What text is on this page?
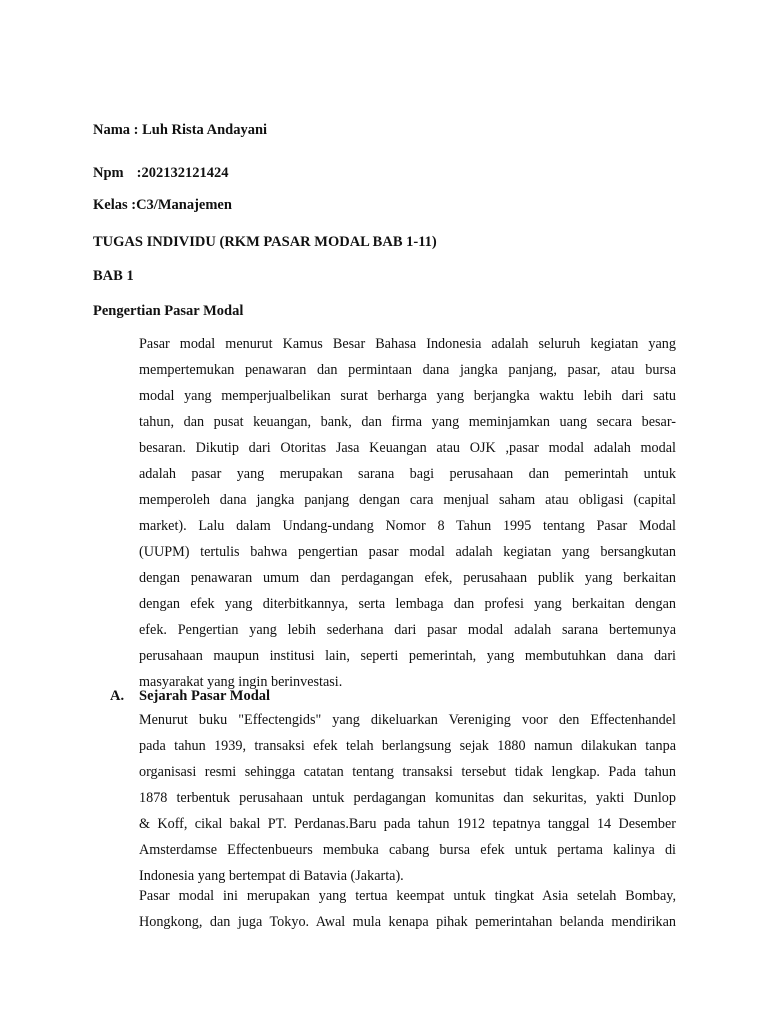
Nama : Luh Rista Andayani

Npm :202132121424

Kelas :C3/Manajemen

TUGAS INDIVIDU (RKM PASAR MODAL BAB 1-11)

BAB 1

Pengertian Pasar Modal

Pasar modal menurut Kamus Besar Bahasa Indonesia adalah seluruh kegiatan yang
mempertemukan penawaran dan permintaan dana jangka panjang, pasar, atau bursa
modal yang memperjualbelikan surat berharga yang berjangka waktu lebih dari satu
tahun, dan pusat keuangan, bank, dan firma yang meminjamkan uang secara besar-
besaran. Dikutip dari Otoritas Jasa Keuangan atau OJK ,pasar modal adalah modal
adalah pasar yang merupakan sarana bagi perusahaan dan pemerintah untuk
memperoleh dana jangka panjang dengan cara menjual saham atau obligasi (capital
market). Lalu dalam Undang-undang Nomor 8 Tahun 1995 tentang Pasar Modal
(UUPM) tertulis bahwa pengertian pasar modal adalah kegiatan yang bersangkutan
dengan penawaran umum dan perdagangan efek, perusahaan publik yang berkaitan
dengan efek yang diterbitkannya, serta lembaga dan profesi yang berkaitan dengan
efek. Pengertian yang lebih sederhana dari pasar modal adalah sarana bertemunya
perusahaan maupun institusi lain, seperti pemerintah, yang membutuhkan dana dari
masyarakat yang ingin berinvestasi.

A. Sejarah Pasar Modal

Menurut buku "Effectengids" yang dikeluarkan Vereniging voor den Effectenhandel
pada tahun 1939, transaksi efek telah berlangsung sejak 1880 namun dilakukan tanpa
organisasi resmi sehingga catatan tentang transaksi tersebut tidak lengkap. Pada tahun
1878 terbentuk perusahaan untuk perdagangan komunitas dan sekuritas, yakti Dunlop
& Koff, cikal bakal PT. Perdanas.Baru pada tahun 1912 tepatnya tanggal 14 Desember
Amsterdamse Effectenbueurs membuka cabang bursa efek untuk pertama kalinya di
Indonesia yang bertempat di Batavia (Jakarta).
Pasar modal ini merupakan yang tertua keempat untuk tingkat Asia setelah Bombay,
Hongkong, dan juga Tokyo. Awal mula kenapa pihak pemerintahan belanda mendirikan
